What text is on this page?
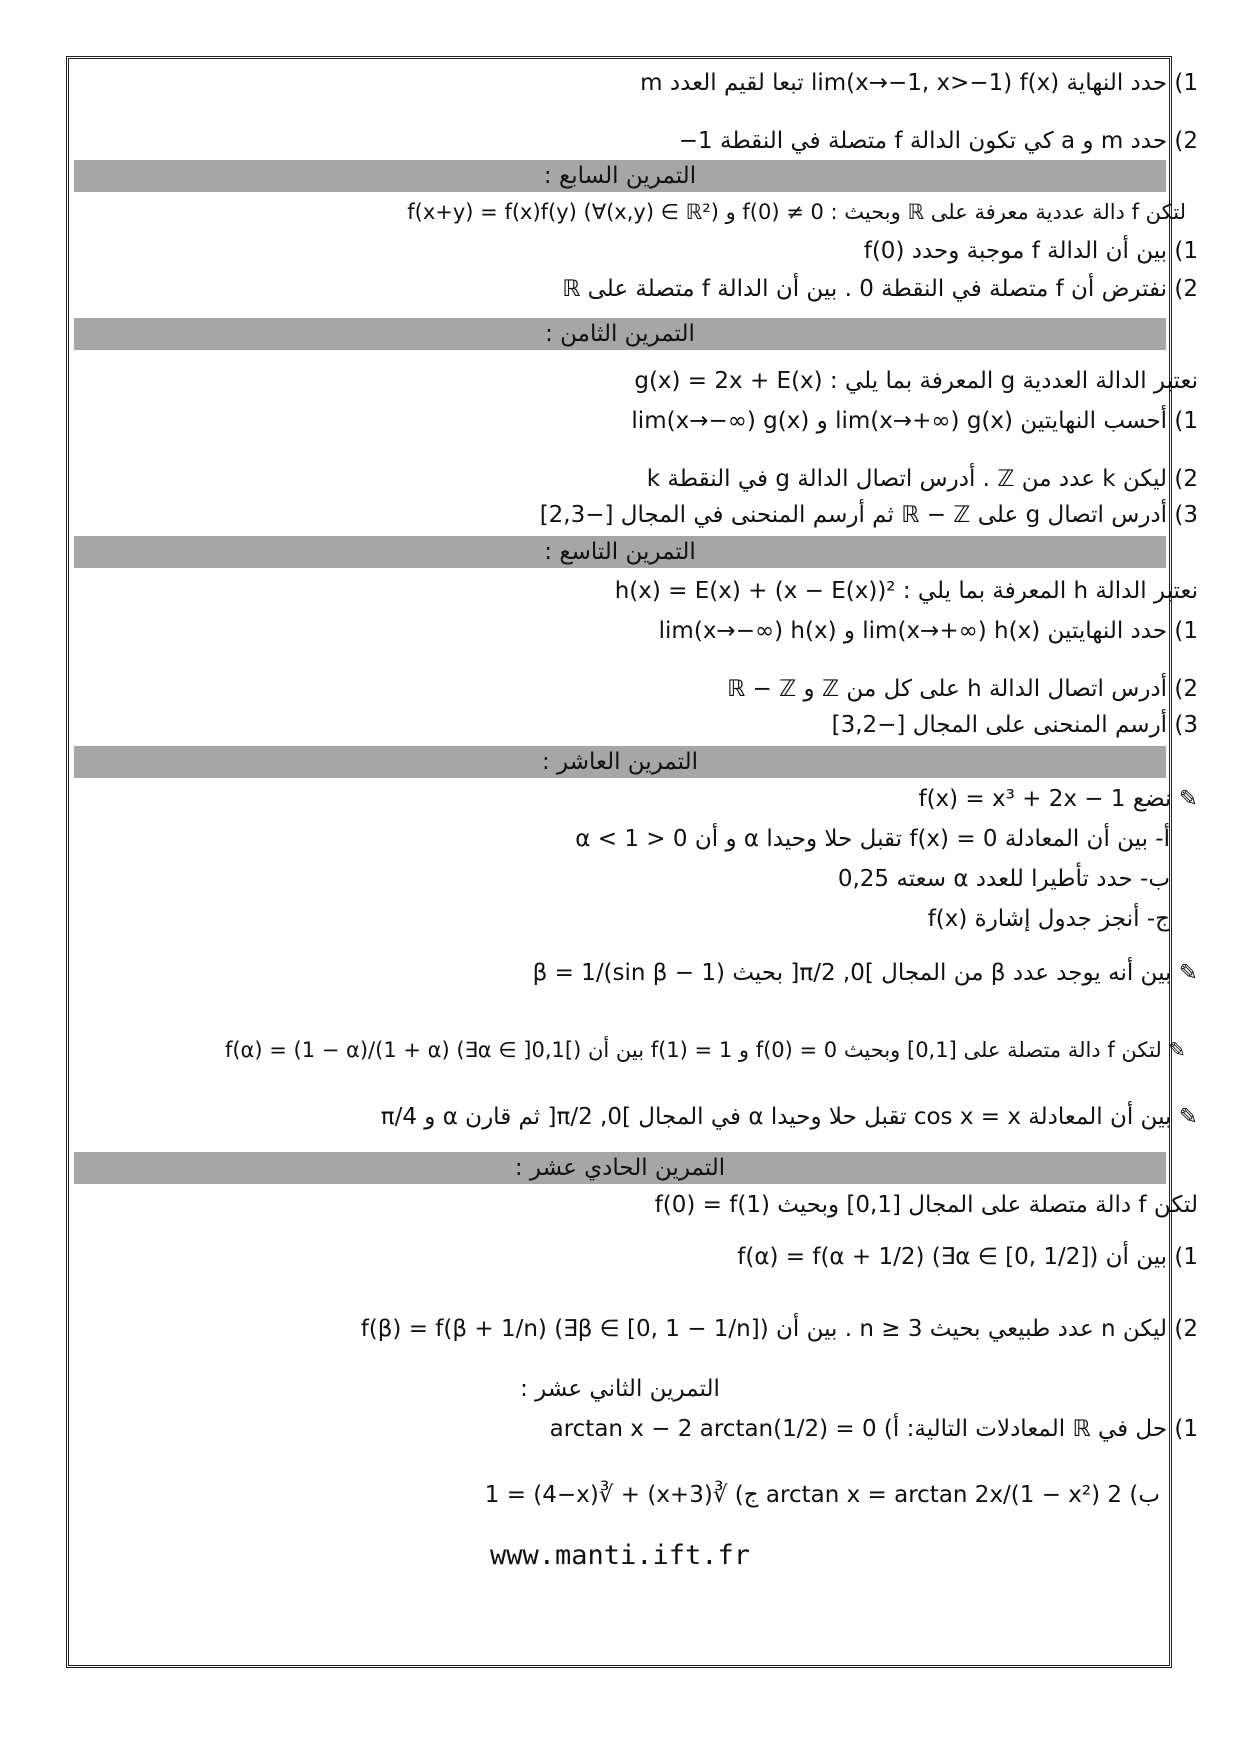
1) حدد النهاية lim(x→−1, x>−1) f(x) تبعا لقيم العدد m
2) حدد m و a كي تكون الدالة f متصلة في النقطة 1−
التمرين السابع :
لتكن f دالة عددية معرفة على ℝ وبحيث : f(0) ≠ 0 و f(x+y) = f(x)f(y) (∀(x,y) ∈ ℝ²)
1) بين أن الدالة f موجبة وحدد f(0)
2) نفترض أن f متصلة في النقطة 0 . بين أن الدالة f متصلة على ℝ
التمرين الثامن :
نعتبر الدالة العددية g المعرفة بما يلي : g(x) = 2x + E(x)
1) أحسب النهايتين lim(x→+∞) g(x) و lim(x→−∞) g(x)
2) ليكن k عدد من ℤ . أدرس اتصال الدالة g في النقطة k
3) أدرس اتصال g على ℝ − ℤ ثم أرسم المنحنى في المجال [−2,3]
التمرين التاسع :
نعتبر الدالة h المعرفة بما يلي : h(x) = E(x) + (x − E(x))²
1) حدد النهايتين lim(x→+∞) h(x) و lim(x→−∞) h(x)
2) أدرس اتصال الدالة h على كل من ℤ و ℝ − ℤ
3) أرسم المنحنى على المجال [−3,2]
التمرين العاشر :
✎ نضع f(x) = x³ + 2x − 1
أ- بين أن المعادلة f(x) = 0 تقبل حلا وحيدا α و أن 0 < α < 1
ب- حدد تأطيرا للعدد α سعته 0,25
ج- أنجز جدول إشارة f(x)
✎ بين أنه يوجد عدد β من المجال ]0, π/2[ بحيث (1 − sin β)/β = 1
✎ لتكن f دالة متصلة على [0,1] وبحيث f(0) = 0 و f(1) = 1 بين أن f(α) = (1 − α)/(1 + α) (∃α ∈ ]0,1[)
✎ بين أن المعادلة cos x = x تقبل حلا وحيدا α في المجال ]0, π/2[ ثم قارن α و π/4
التمرين الحادي عشر :
لتكن f دالة متصلة على المجال [0,1] وبحيث f(0) = f(1)
1) بين أن f(α) = f(α + 1/2) (∃α ∈ [0, 1/2])
2) ليكن n عدد طبيعي بحيث n ≥ 3 . بين أن f(β) = f(β + 1/n) (∃β ∈ [0, 1 − 1/n])
التمرين الثاني عشر :
1) حل في ℝ المعادلات التالية: أ) arctan x − 2 arctan(1/2) = 0
ب) 2 arctan x = arctan 2x/(1 − x²) ج) ∛(x+3) + ∛(4−x) = 1
www.manti.ift.fr
